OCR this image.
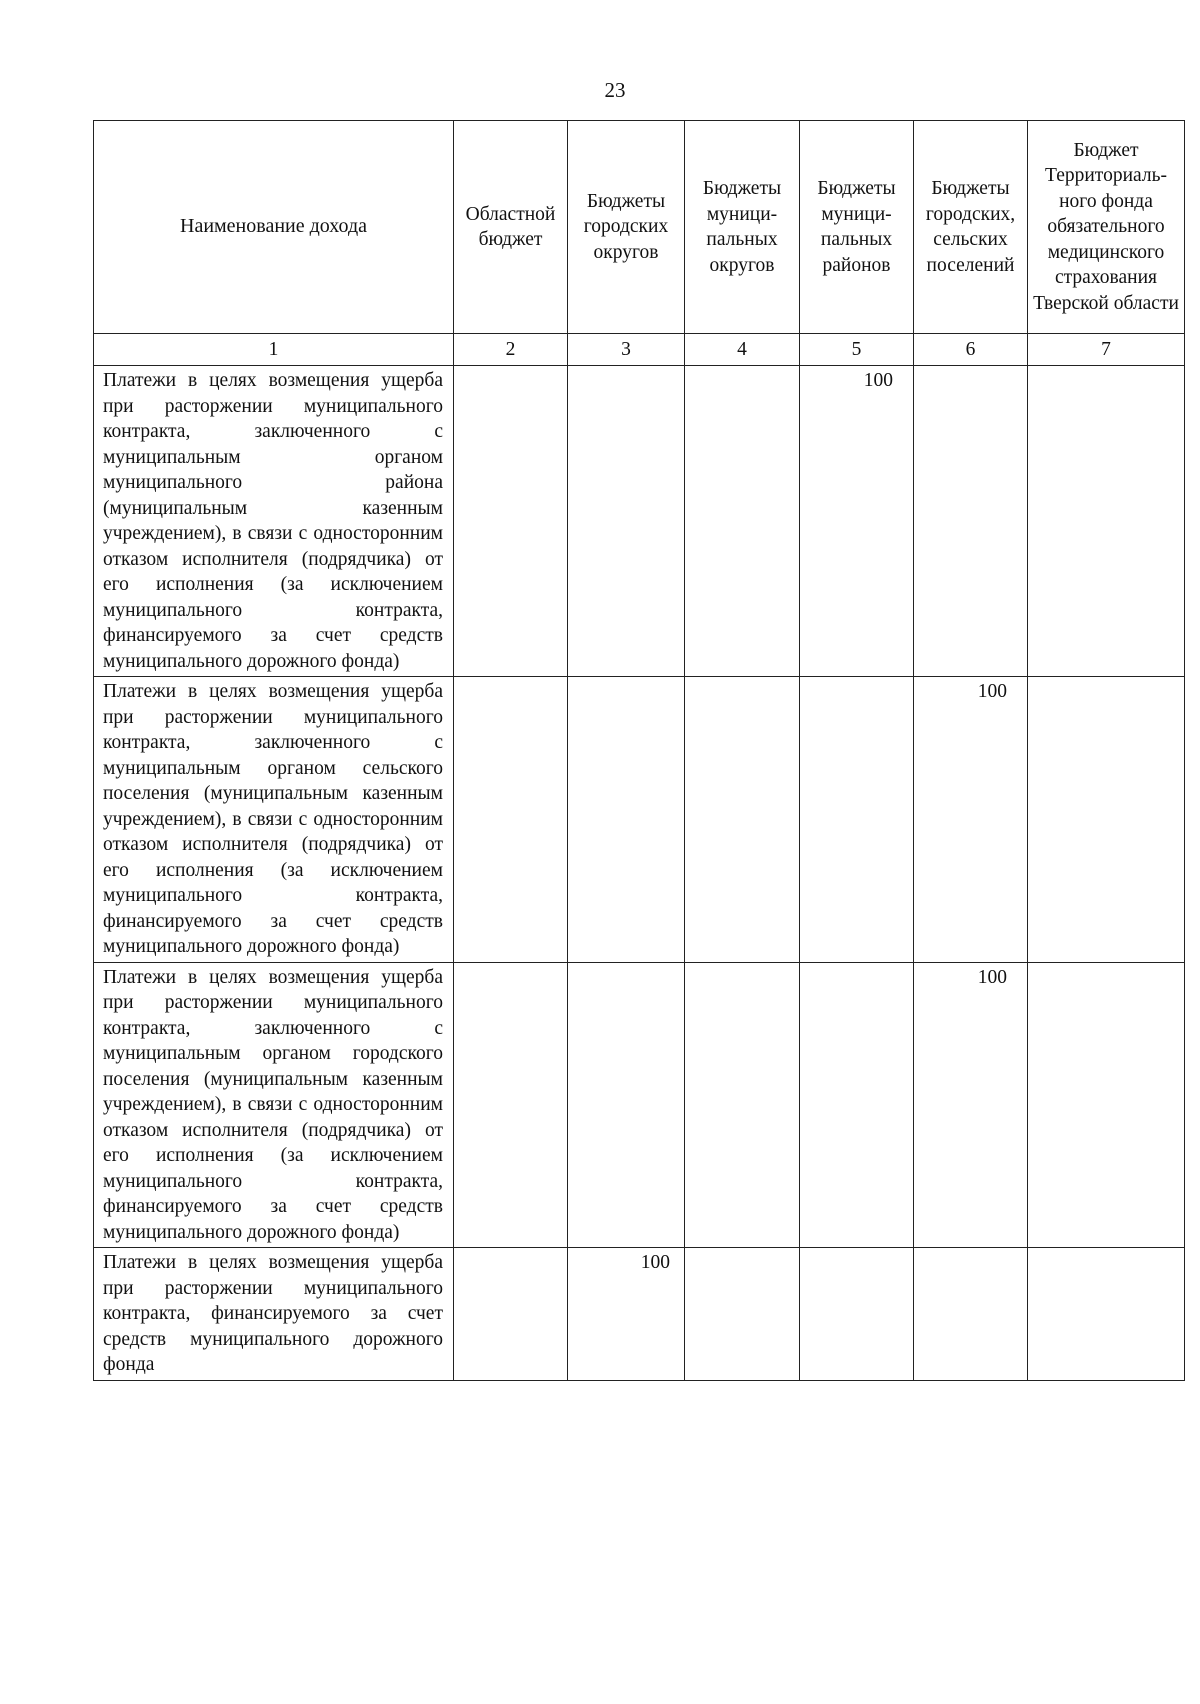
23
Наименование дохода	Областной бюджет	Бюджеты городских округов	Бюджеты муници-пальных округов	Бюджеты муници-пальных районов	Бюджеты городских, сельских поселений	Бюджет Территориаль-ного фонда обязательного медицинского страхования Тверской области
1	2	3	4	5	6	7
Платежи в целях возмещения ущерба при расторжении муниципального контракта, заключенного с муниципальным органом муниципального района (муниципальным казенным учреждением), в связи с односторонним отказом исполнителя (подрядчика) от его исполнения (за исключением муниципального контракта, финансируемого за счет средств муниципального дорожного фонда)				100		
Платежи в целях возмещения ущерба при расторжении муниципального контракта, заключенного с муниципальным органом сельского поселения (муниципальным казенным учреждением), в связи с односторонним отказом исполнителя (подрядчика) от его исполнения (за исключением муниципального контракта, финансируемого за счет средств муниципального дорожного фонда)					100	
Платежи в целях возмещения ущерба при расторжении муниципального контракта, заключенного с муниципальным органом городского поселения (муниципальным казенным учреждением), в связи с односторонним отказом исполнителя (подрядчика) от его исполнения (за исключением муниципального контракта, финансируемого за счет средств муниципального дорожного фонда)					100	
Платежи в целях возмещения ущерба при расторжении муниципального контракта, финансируемого за счет средств муниципального дорожного фонда		100				
